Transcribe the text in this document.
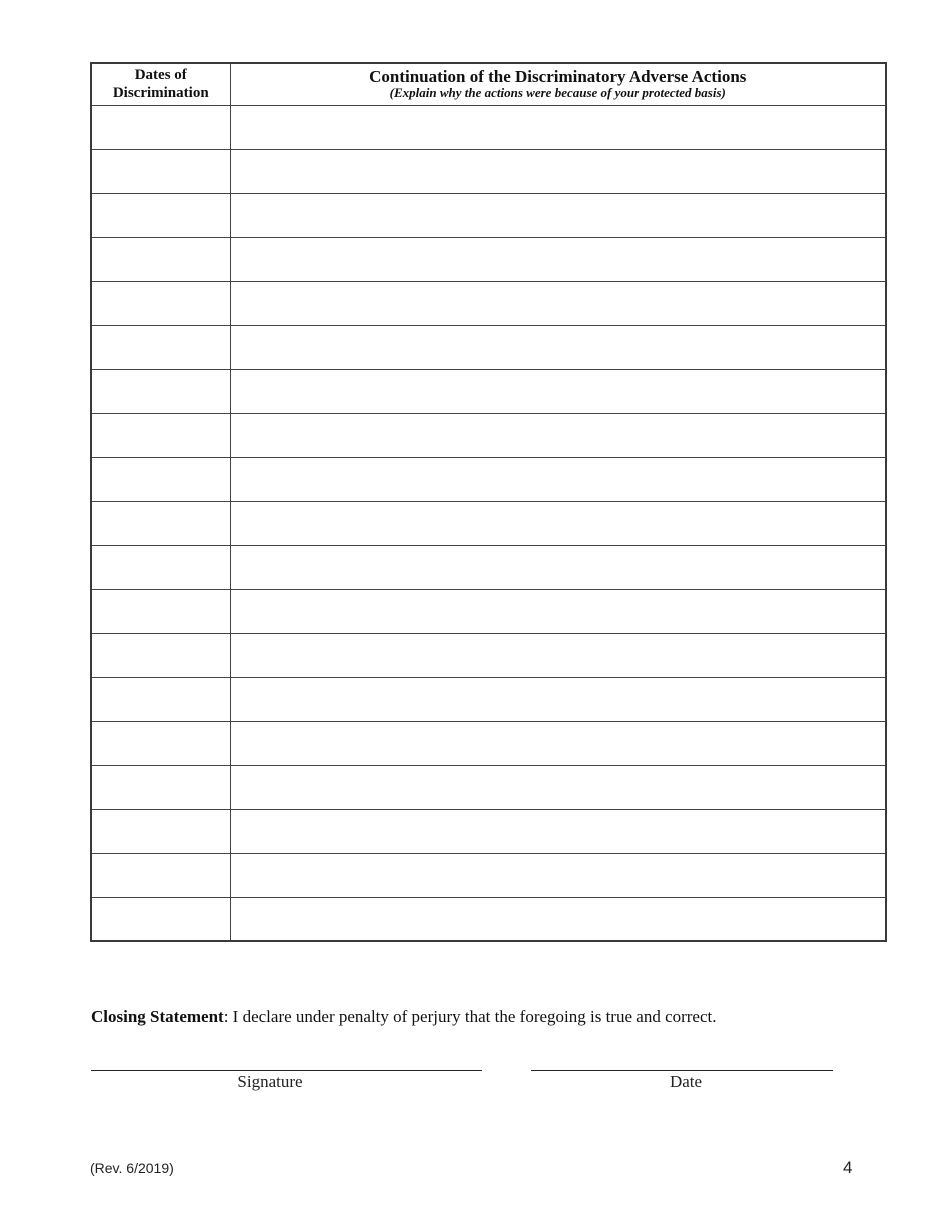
Dates of
Discrimination	Continuation of the Discriminatory Adverse Actions
(Explain why the actions were because of your protected basis)

Closing Statement: I declare under penalty of perjury that the foregoing is true and correct.
Signature	Date
(Rev. 6/2019)	4
